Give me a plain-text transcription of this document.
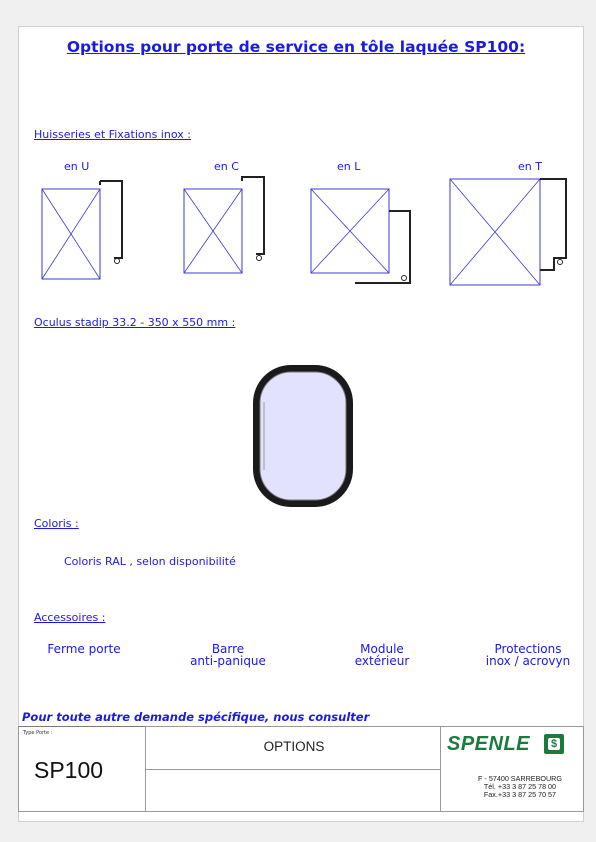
Options pour porte de service en tôle laquée SP100:
Huisseries et Fixations inox :
en U	en C	en L	en T
Oculus stadip 33.2 - 350 x 550 mm :
Coloris :
Coloris RAL , selon disponibilité
Accessoires :
Ferme porte	Barre
anti-panique
Module
extérieur
Protections
inox / acrovyn
Pour toute autre demande spécifique, nous consulter
Type Porte :
SP100
OPTIONS	SPENLE $
F - 57400 SARREBOURG
Tél. +33 3 87 25 78 00
Fax.+33 3 87 25 70 57
